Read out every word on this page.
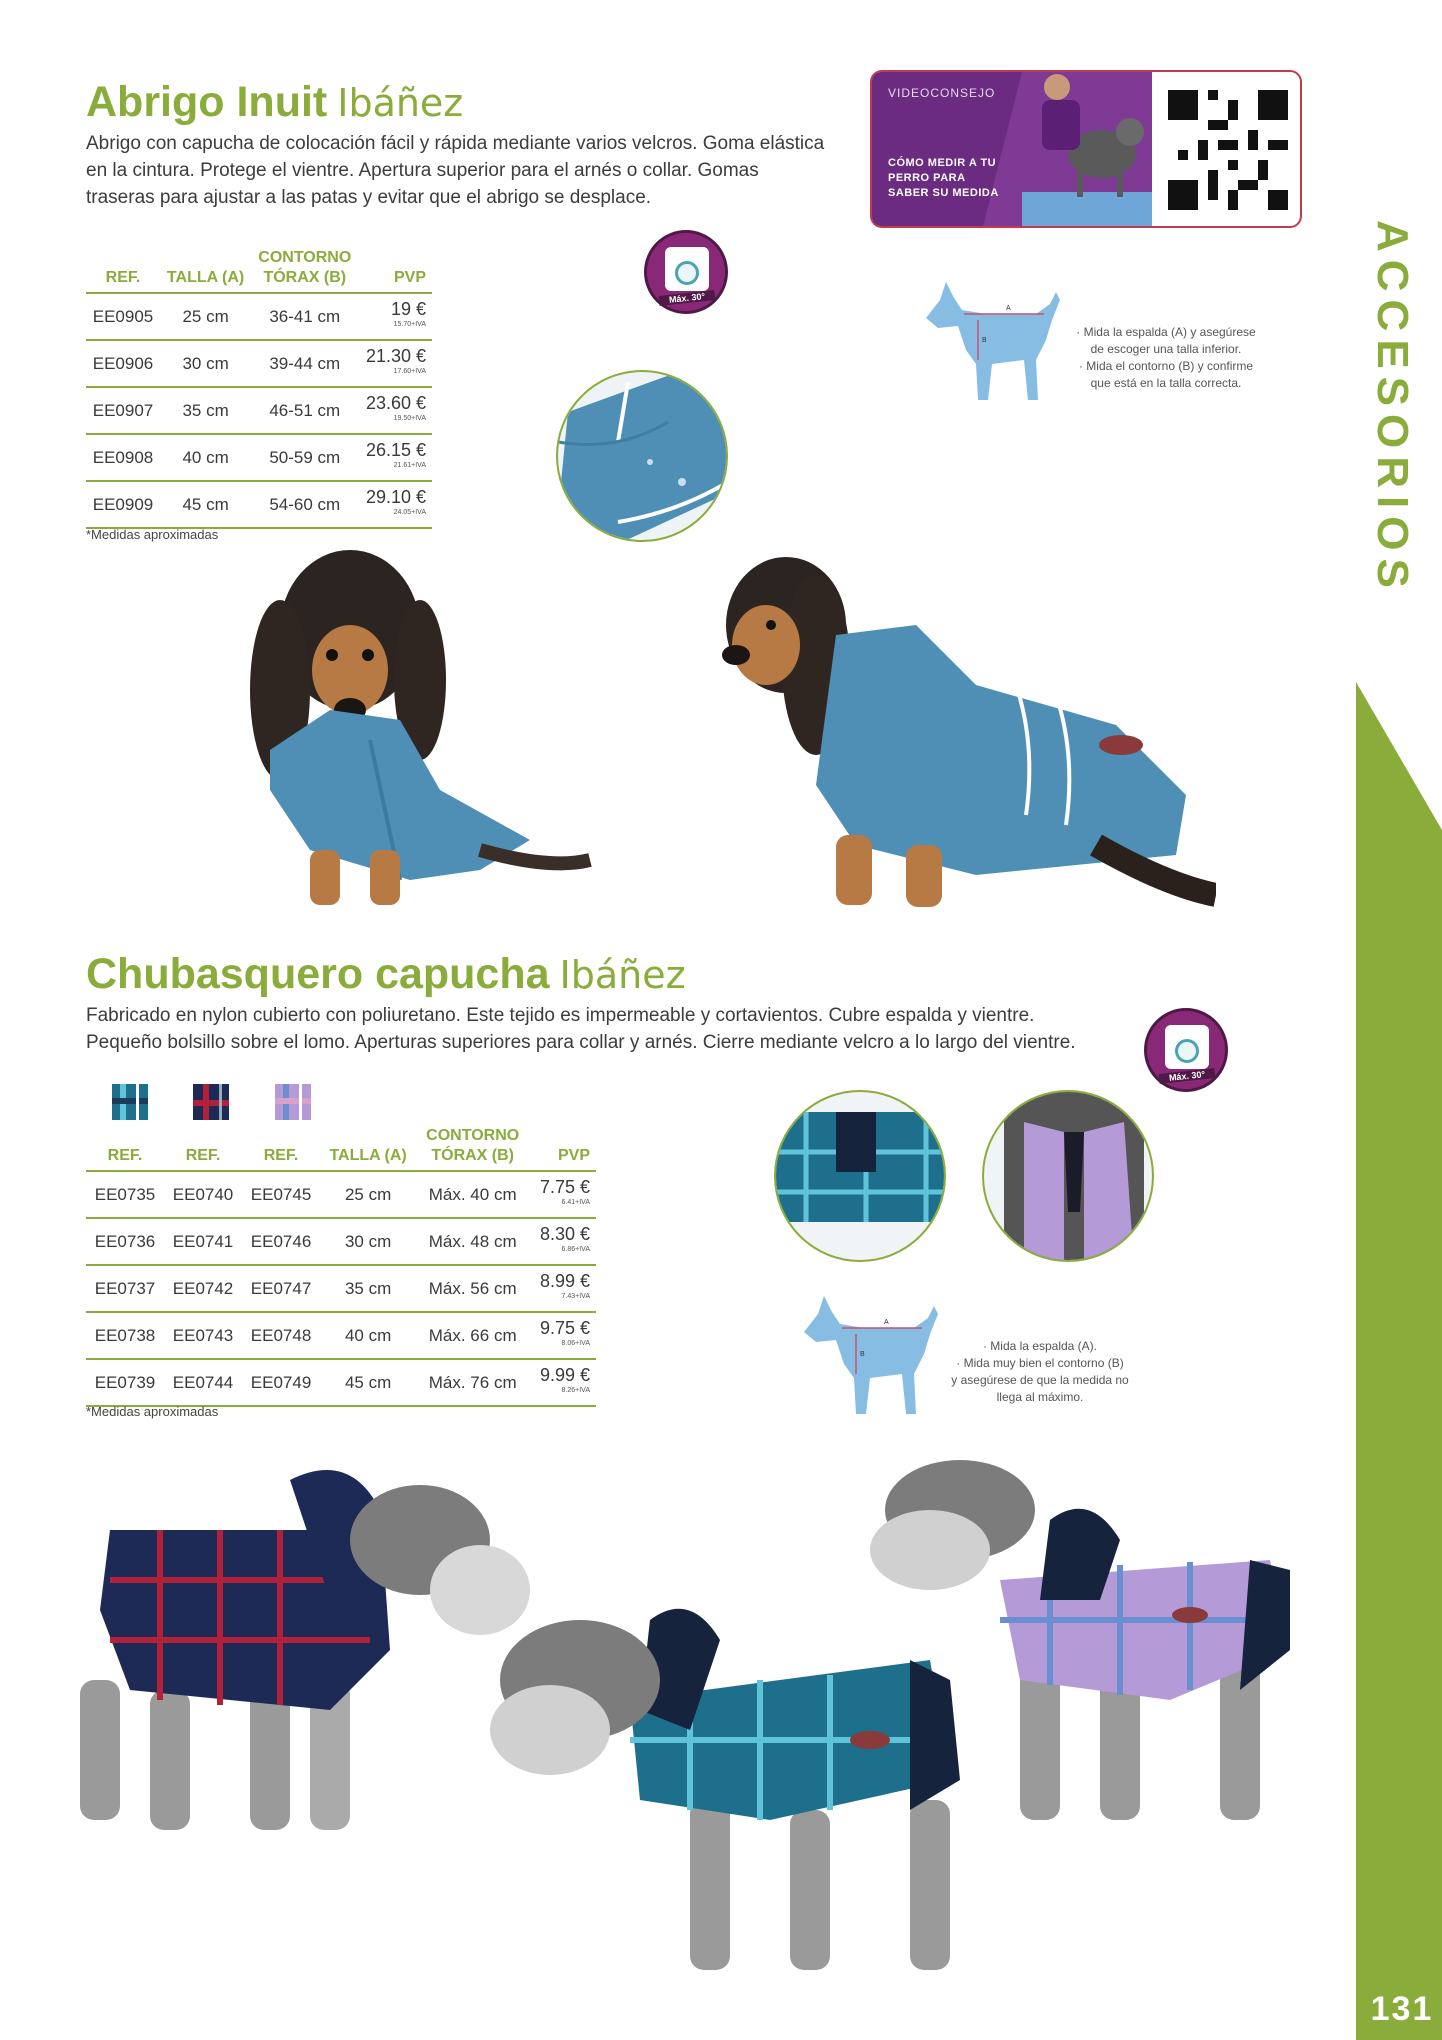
ACCESORIOS
131
Abrigo Inuit Ibáñez
Abrigo con capucha de colocación fácil y rápida mediante varios velcros. Goma elástica en la cintura. Protege el vientre. Apertura superior para el arnés o collar. Gomas traseras para ajustar a las patas y evitar que el abrigo se desplace.
VIDEOCONSEJO
CÓMO MEDIR A TU PERRO PARA SABER SU MEDIDA
REF.	TALLA (A)	CONTORNO
TÓRAX (B)	PVP
EE0905	25 cm	36-41 cm	19 €
15.70+IVA

EE0906	30 cm	39-44 cm	21.30 €
17.60+IVA

EE0907	35 cm	46-51 cm	23.60 €
19.50+IVA

EE0908	40 cm	50-59 cm	26.15 €
21.61+IVA

EE0909	45 cm	54-60 cm	29.10 €
24.05+IVA
*Medidas aproximadas
Máx. 30°
A
B
· Mida la espalda (A) y asegúrese
de escoger una talla inferior.
· Mida el contorno (B) y confirme
que está en la talla correcta.
Chubasquero capucha Ibáñez
Fabricado en nylon cubierto con poliuretano. Este tejido es impermeable y cortavientos. Cubre espalda y vientre.
Pequeño bolsillo sobre el lomo. Aperturas superiores para collar y arnés. Cierre mediante velcro a lo largo del vientre.
Máx. 30°
REF.	REF.	REF.	TALLA (A)	CONTORNO
TÓRAX (B)	PVP
EE0735	EE0740	EE0745	25 cm	Máx. 40 cm	7.75 €
6.41+IVA

EE0736	EE0741	EE0746	30 cm	Máx. 48 cm	8.30 €
6.86+IVA

EE0737	EE0742	EE0747	35 cm	Máx. 56 cm	8.99 €
7.43+IVA

EE0738	EE0743	EE0748	40 cm	Máx. 66 cm	9.75 €
8.06+IVA

EE0739	EE0744	EE0749	45 cm	Máx. 76 cm	9.99 €
8.26+IVA
*Medidas aproximadas
A
B
· Mida la espalda (A).
· Mida muy bien el contorno (B)
y asegúrese de que la medida no
llega al máximo.
